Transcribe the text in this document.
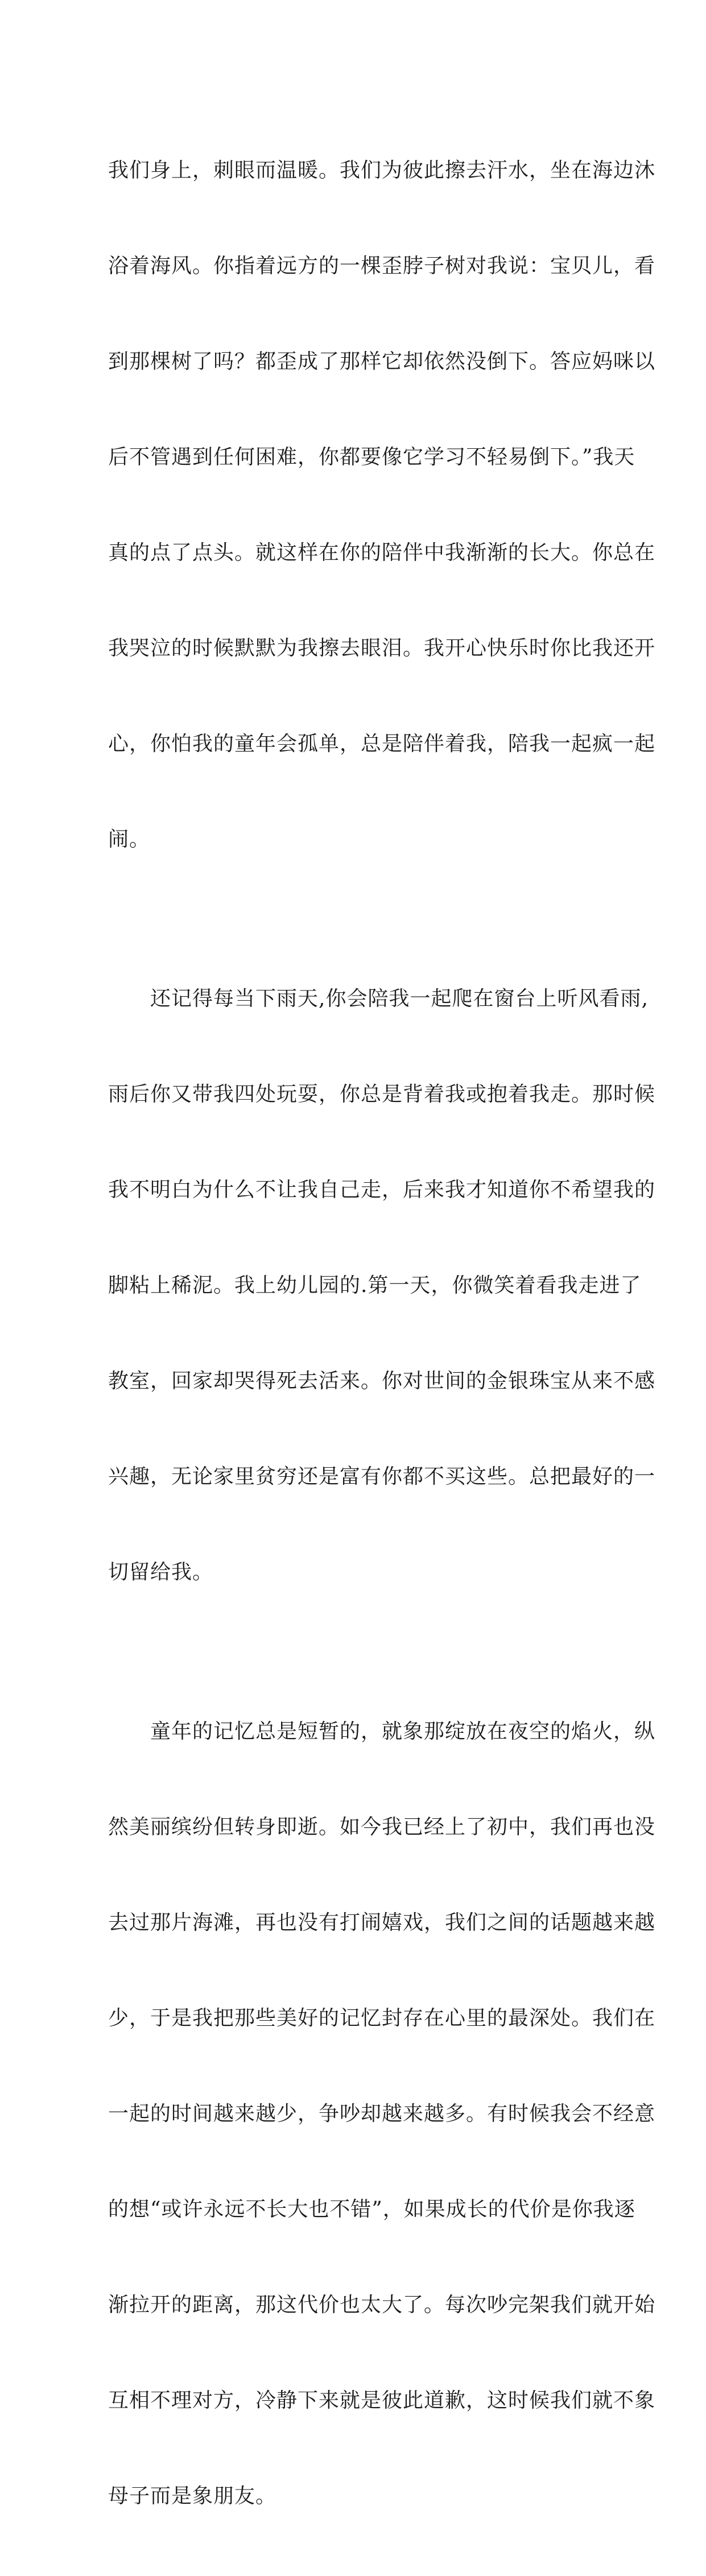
我们身上，刺眼而温暖。我们为彼此擦去汗水，坐在海边沐

浴着海风。你指着远方的一棵歪脖子树对我说：宝贝儿，看

到那棵树了吗？都歪成了那样它却依然没倒下。答应妈咪以

后不管遇到任何困难，你都要像它学习不轻易倒下。”我天

真的点了点头。就这样在你的陪伴中我渐渐的长大。你总在

我哭泣的时候默默为我擦去眼泪。我开心快乐时你比我还开

心，你怕我的童年会孤单，总是陪伴着我，陪我一起疯一起

闹。

　　还记得每当下雨天,你会陪我一起爬在窗台上听风看雨,

雨后你又带我四处玩耍，你总是背着我或抱着我走。那时候

我不明白为什么不让我自己走，后来我才知道你不希望我的

脚粘上稀泥。我上幼儿园的.第一天，你微笑着看我走进了

教室，回家却哭得死去活来。你对世间的金银珠宝从来不感

兴趣，无论家里贫穷还是富有你都不买这些。总把最好的一

切留给我。

　　童年的记忆总是短暂的，就象那绽放在夜空的焰火，纵

然美丽缤纷但转身即逝。如今我已经上了初中，我们再也没

去过那片海滩，再也没有打闹嬉戏，我们之间的话题越来越

少，于是我把那些美好的记忆封存在心里的最深处。我们在

一起的时间越来越少，争吵却越来越多。有时候我会不经意

的想“或许永远不长大也不错”，如果成长的代价是你我逐

渐拉开的距离，那这代价也太大了。每次吵完架我们就开始

互相不理对方，冷静下来就是彼此道歉，这时候我们就不象

母子而是象朋友。
